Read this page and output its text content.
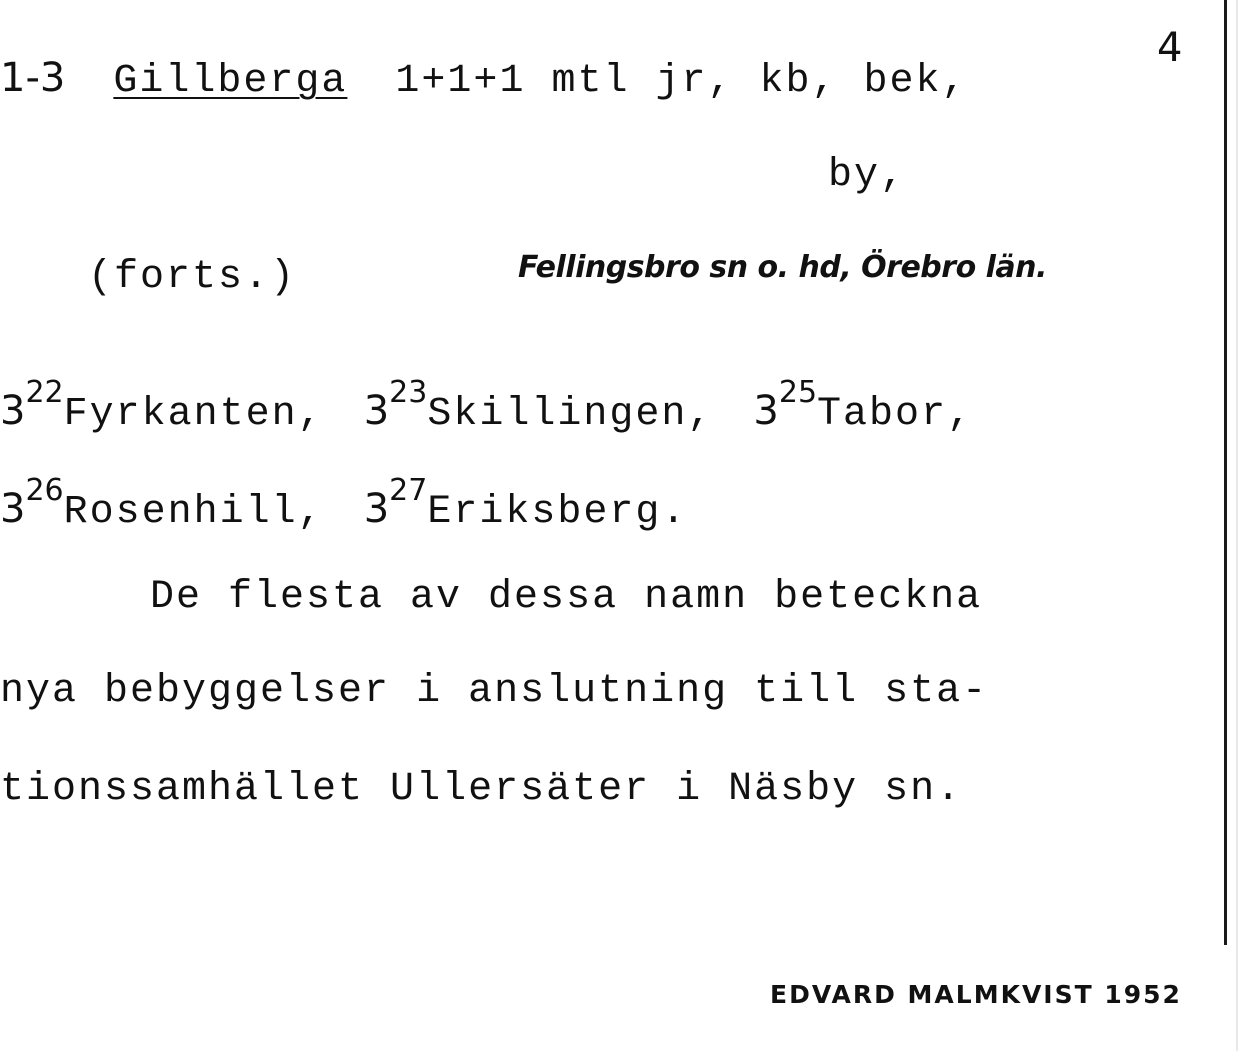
4
1-3 Gillberga 1+1+1 mtl jr, kb, bek,
by,
(forts.)	Fellingsbro sn o. hd, Örebro län.
$3^{22}Fyrkanten$, $3^{23}Skillingen$, $3^{25}Tabor$,
$3^{26}Rosenhill$, $3^{27}Eriksberg$.
De flesta av dessa namn beteckna
nya bebyggelser i anslutning till sta-
tionssamhället Ullersäter i Näsby sn.
EDVARD MALMKVIST 1952
